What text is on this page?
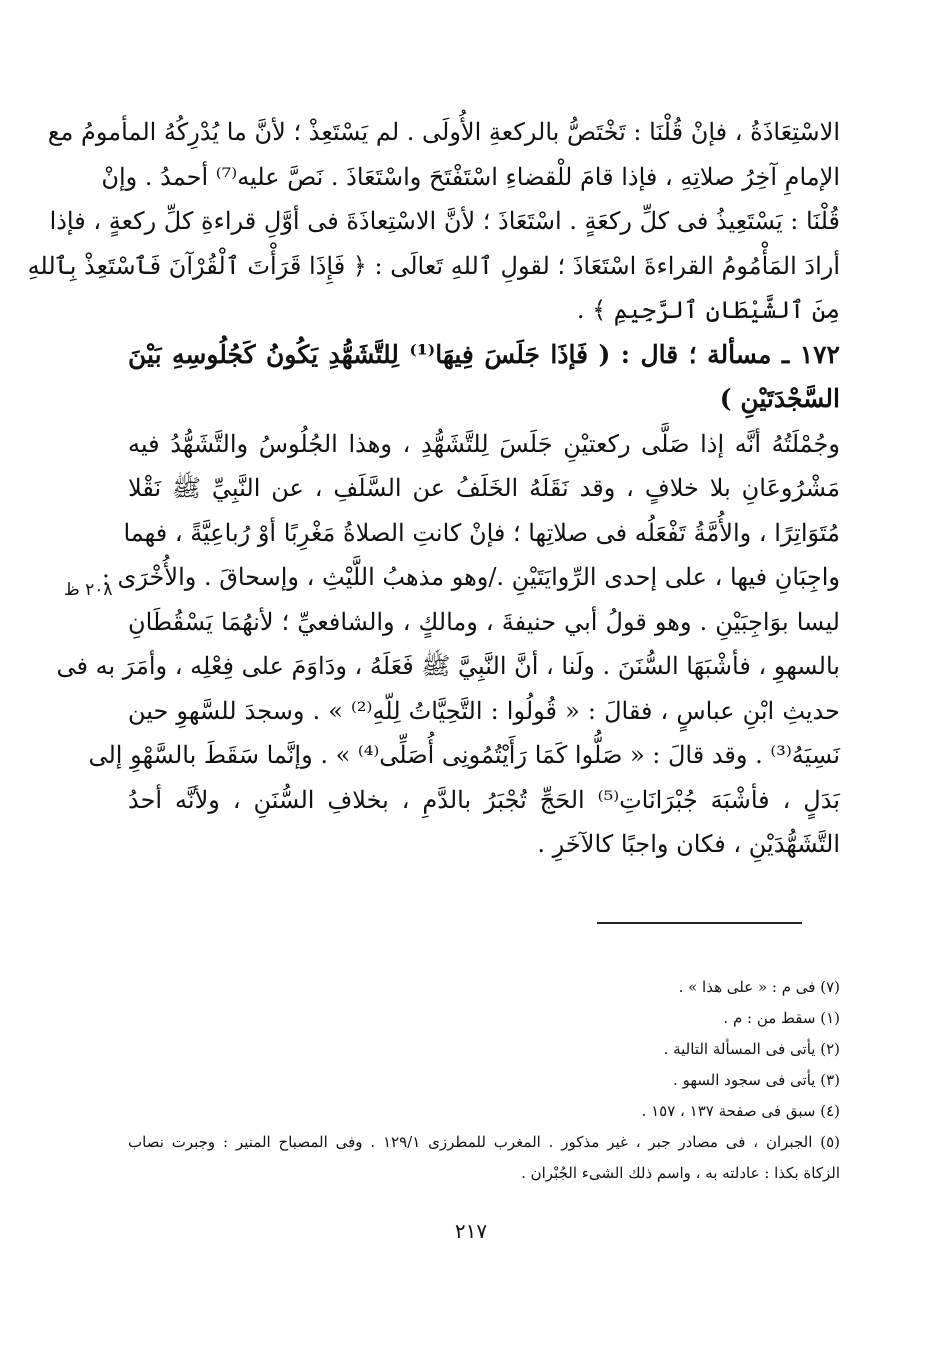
الاسْتِعَاذَةُ ، فإنْ قُلْنَا : تَخْتَصُّ بالركعةِ الأُولَى . لم يَسْتَعِذْ ؛ لأنَّ ما يُدْرِكُهُ المأمومُ مع
الإمامِ آخِرُ صلاتِهِ ، فإذا قامَ للْقضاءِ اسْتَفْتَحَ واسْتَعَاذَ . نَصَّ عليه⁽⁷⁾ أحمدُ . وإنْ
قُلْنَا : يَسْتَعِيذُ فى كلِّ ركعَةٍ . اسْتَعَاذَ ؛ لأنَّ الاسْتِعاذَةَ فى أوَّلِ قراءةِ كلِّ ركعةٍ ، فإذا
أرادَ المَأْمُومُ القراءةَ اسْتَعَاذَ ؛ لقولِ ٱللهِ تَعالَى : ﴿ فَإِذَا قَرَأْتَ ٱلْقُرْآنَ فَٱسْتَعِذْ بِٱللهِ
مِنَ ٱلشَّيْطَانِ ٱلرَّجِيمِ ﴾ .
١٧٢ ـ مسألة ؛ قال : ( فَإذَا جَلَسَ فِيهَا⁽¹⁾ لِلتَّشَهُّدِ يَكُونُ كَجُلُوسِهِ بَيْنَ
السَّجْدَتَيْنِ )
وجُمْلَتُهُ أنَّه إذا صَلَّى ركعتيْنِ جَلَسَ لِلتَّشَهُّدِ ، وهذا الجُلُوسُ والتَّشَهُّدُ فيه
مَشْرُوعَانِ بلا خلافٍ ، وقد نَقَلَهُ الخَلَفُ عن السَّلَفِ ، عن النَّبِيِّ ﷺ نَقْلا
مُتَوَاتِرًا ، والأُمَّةُ تَفْعَلُه فى صلاتِها ؛ فإنْ كانتِ الصلاةُ مَغْرِبًا أوْ رُباعِيَّةً ، فهما
واجِبَانِ فيها ، على إحدى الرِّوايَتَيْنِ ./وهو مذهبُ اللَّيْثِ ، وإسحاقَ . والأُخْرَى :
ليسا بوَاجِبَيْنِ . وهو قولُ أبي حنيفةَ ، ومالكٍ ، والشافعيِّ ؛ لأنهُمَا يَسْقُطَانِ
بالسهوِ ، فأشْبَهَا السُّنَنَ . ولَنا ، أنَّ النَّبِيَّ ﷺ فَعَلَهُ ، ودَاوَمَ على فِعْلِه ، وأمَرَ به فى
حديثِ ابْنِ عباسٍ ، فقالَ : « قُولُوا : التَّحِيَّاتُ لِلّهِ⁽²⁾ » . وسجدَ للسَّهوِ حين
نَسِيَهُ⁽³⁾ . وقد قالَ : « صَلُّوا كَمَا رَأَيْتُمُونِى أُصَلِّى⁽⁴⁾ » . وإنَّما سَقَطَ بالسَّهْوِ إلى
بَدَلٍ ، فأشْبَهَ جُبْرَانَاتِ⁽⁵⁾ الحَجِّ تُجْبَرُ بالدَّمِ ، بخلافِ السُّنَنِ ، ولأنَّه أحدُ
التَّشَهُّدَيْنِ ، فكان واجبًا كالآخَرِ .
٢٠٨ ظ
(٧) فى م : « على هذا » .
(١) سقط من : م .
(٢) يأتى فى المسألة التالية .
(٣) يأتى فى سجود السهو .
(٤) سبق فى صفحة ١٣٧ ، ١٥٧ .
(٥) الجبران ، فى مصادر جبر ، غير مذكور . المغرب للمطرزى ١٢٩/١ . وفى المصباح المنير : وجبرت نصاب
الزكاة بكذا : عادلته به ، واسم ذلك الشىء الجُبْران .
٢١٧
